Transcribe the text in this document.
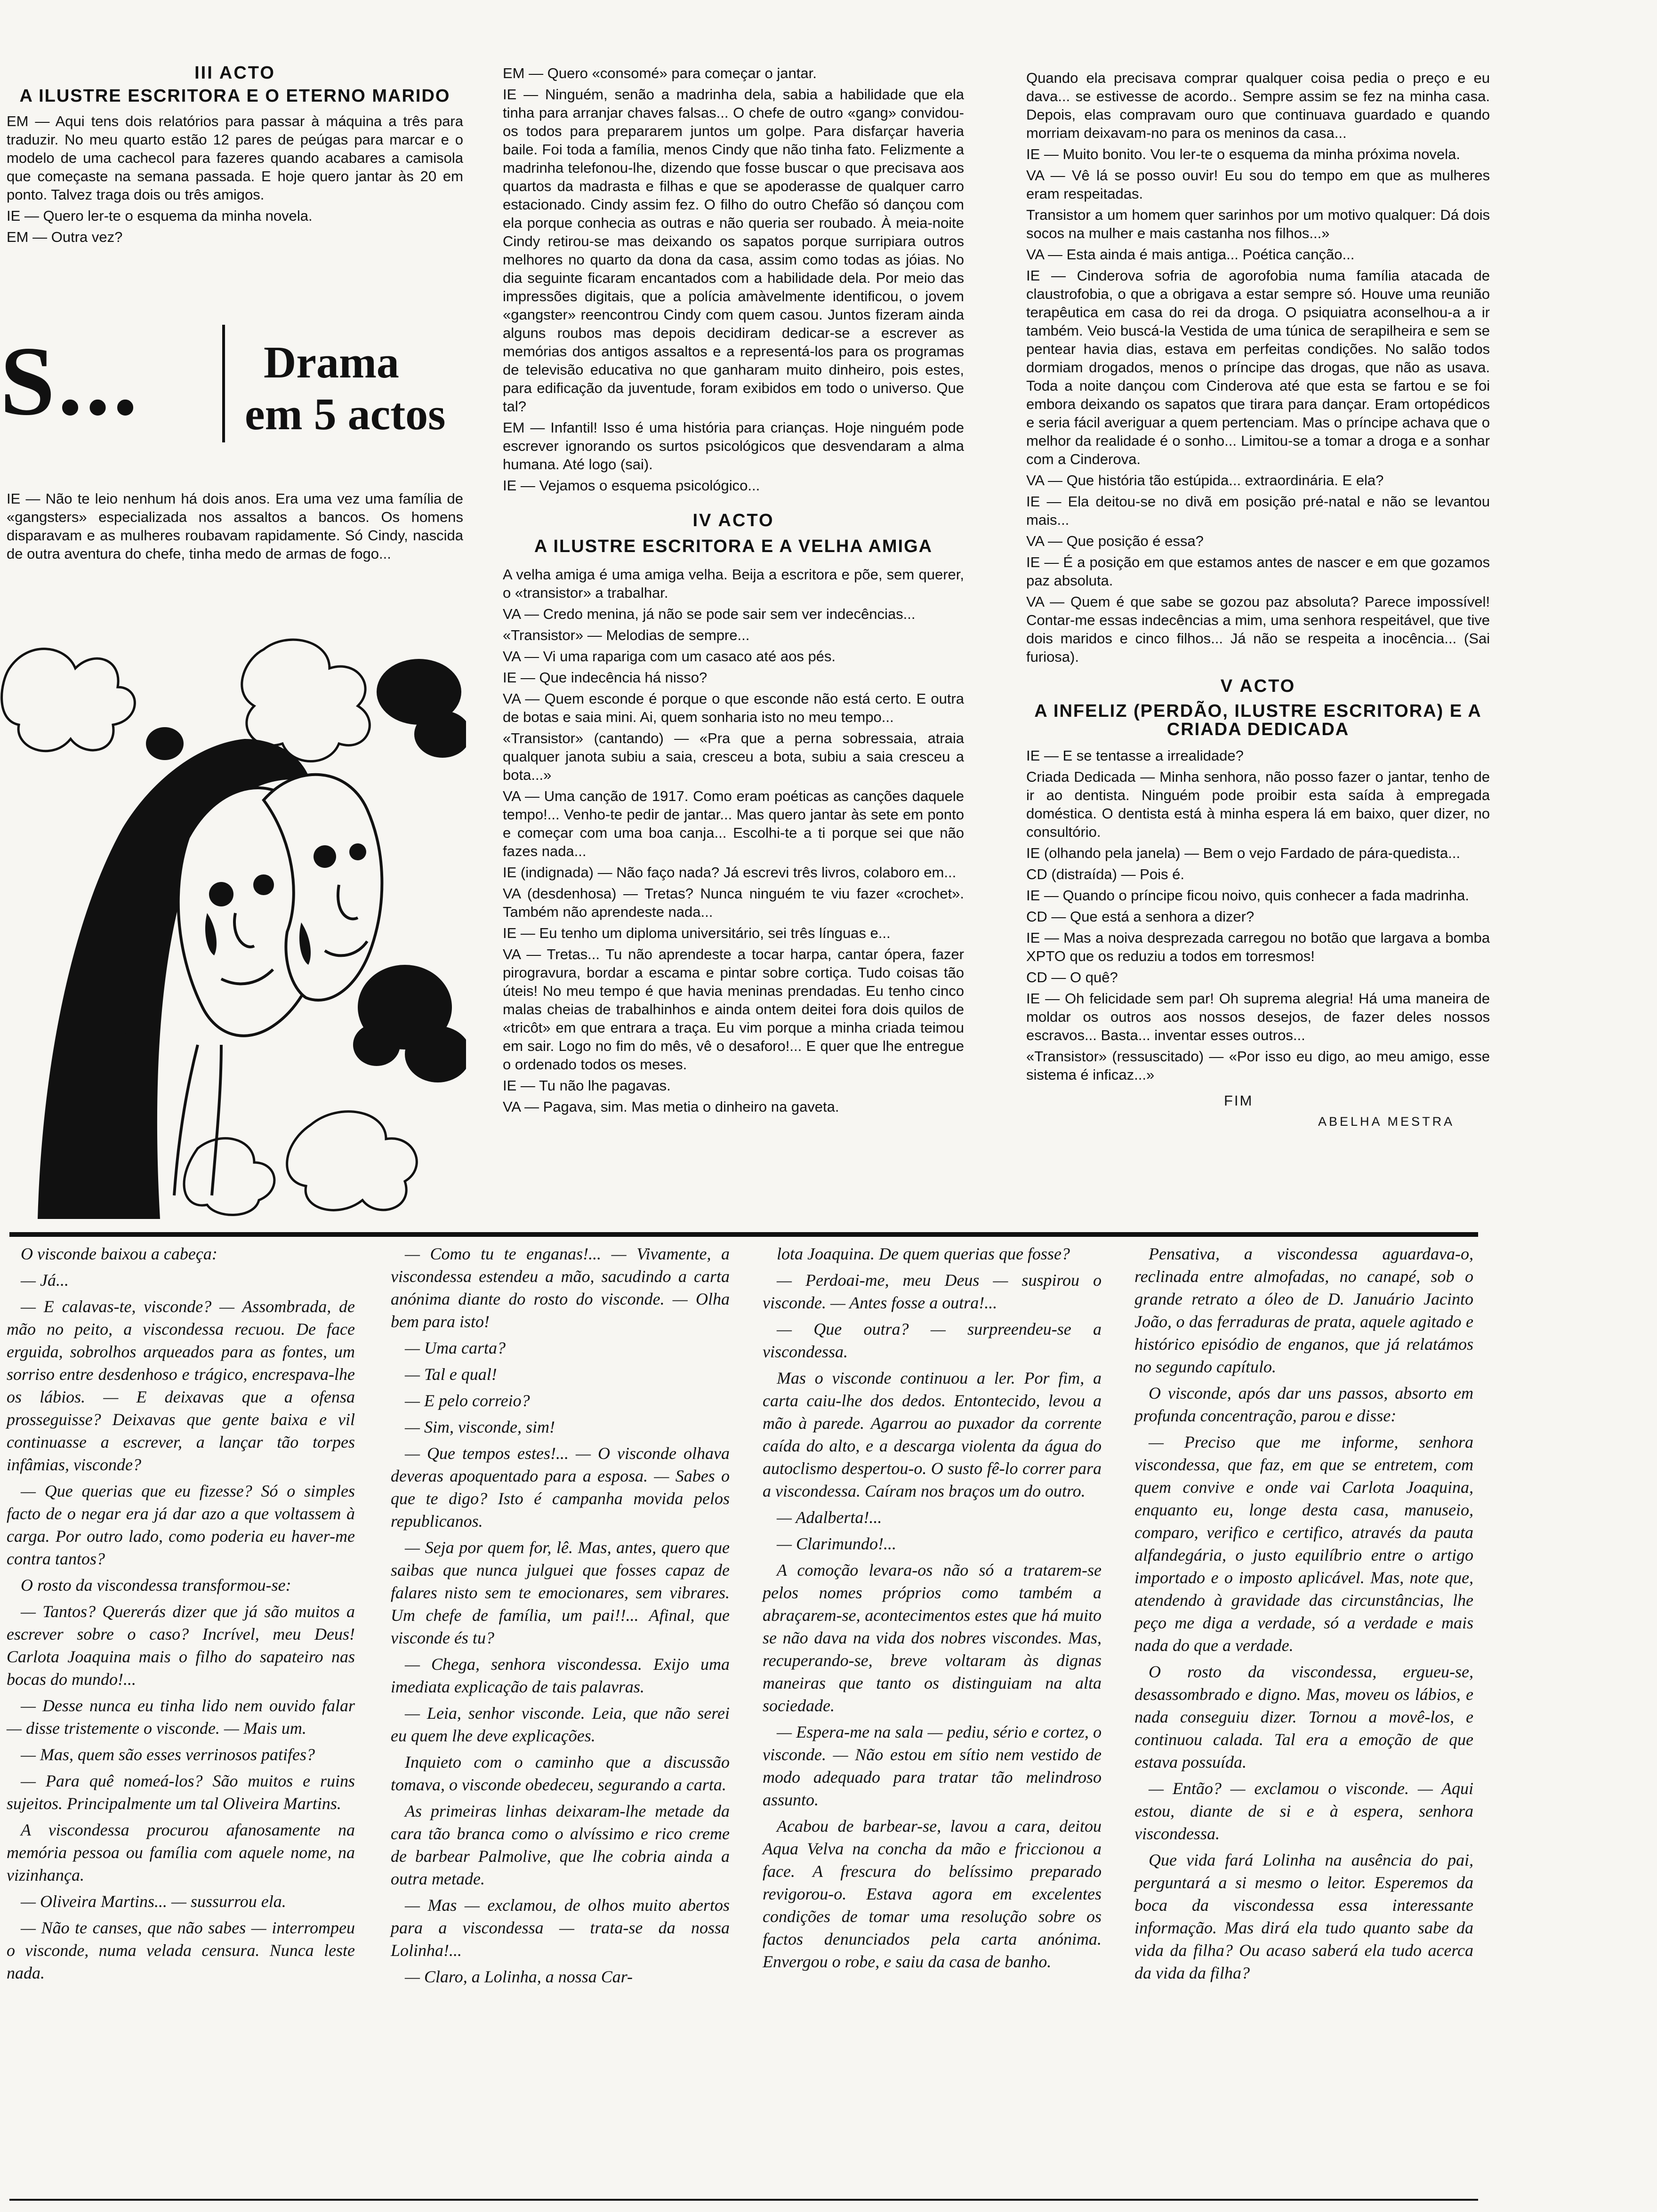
III ACTO
A ILUSTRE ESCRITORA E O ETERNO MARIDO

EM — Aqui tens dois relatórios para passar à máquina a três para traduzir. No meu quarto estão 12 pares de peúgas para marcar e o modelo de uma cachecol para fazeres quando acabares a camisola que começaste na semana passada. E hoje quero jantar às 20 em ponto. Talvez traga dois ou três amigos.

IE — Quero ler-te o esquema da minha novela.

EM — Outra vez?

S...	Drama
em 5 actos

IE — Não te leio nenhum há dois anos. Era uma vez uma família de «gangsters» especializada nos assaltos a bancos. Os homens disparavam e as mulheres roubavam rapidamente. Só Cindy, nascida de outra aventura do chefe, tinha medo de armas de fogo...

EM — Quero «consomé» para começar o jantar.

IE — Ninguém, senão a madrinha dela, sabia a habilidade que ela tinha para arranjar chaves falsas... O chefe de outro «gang» convidou-os todos para prepararem juntos um golpe. Para disfarçar haveria baile. Foi toda a família, menos Cindy que não tinha fato. Felizmente a madrinha telefonou-lhe, dizendo que fosse buscar o que precisava aos quartos da madrasta e filhas e que se apoderasse de qualquer carro estacionado. Cindy assim fez. O filho do outro Chefão só dançou com ela porque conhecia as outras e não queria ser roubado. À meia-noite Cindy retirou-se mas deixando os sapatos porque surripiara outros melhores no quarto da dona da casa, assim como todas as jóias. No dia seguinte ficaram encantados com a habilidade dela. Por meio das impressões digitais, que a polícia amàvelmente identificou, o jovem «gangster» reencontrou Cindy com quem casou. Juntos fizeram ainda alguns roubos mas depois decidiram dedicar-se a escrever as memórias dos antigos assaltos e a representá-los para os programas de televisão educativa no que ganharam muito dinheiro, pois estes, para edificação da juventude, foram exibidos em todo o universo. Que tal?

EM — Infantil! Isso é uma história para crianças. Hoje ninguém pode escrever ignorando os surtos psicológicos que desvendaram a alma humana. Até logo (sai).

IE — Vejamos o esquema psicológico...

IV ACTO
A ILUSTRE ESCRITORA E A VELHA AMIGA

A velha amiga é uma amiga velha. Beija a escritora e põe, sem querer, o «transistor» a trabalhar.

VA — Credo menina, já não se pode sair sem ver indecências...

«Transistor» — Melodias de sempre...

VA — Vi uma rapariga com um casaco até aos pés.

IE — Que indecência há nisso?

VA — Quem esconde é porque o que esconde não está certo. E outra de botas e saia mini. Ai, quem sonharia isto no meu tempo...

«Transistor» (cantando) — «Pra que a perna sobressaia, atraia qualquer janota subiu a saia, cresceu a bota, subiu a saia cresceu a bota...»

VA — Uma canção de 1917. Como eram poéticas as canções daquele tempo!... Venho-te pedir de jantar... Mas quero jantar às sete em ponto e começar com uma boa canja... Escolhi-te a ti porque sei que não fazes nada...

IE (indignada) — Não faço nada? Já escrevi três livros, colaboro em...

VA (desdenhosa) — Tretas? Nunca ninguém te viu fazer «crochet». Também não aprendeste nada...

IE — Eu tenho um diploma universitário, sei três línguas e...

VA — Tretas... Tu não aprendeste a tocar harpa, cantar ópera, fazer pirogravura, bordar a escama e pintar sobre cortiça. Tudo coisas tão úteis! No meu tempo é que havia meninas prendadas. Eu tenho cinco malas cheias de trabalhinhos e ainda ontem deitei fora dois quilos de «tricôt» em que entrara a traça. Eu vim porque a minha criada teimou em sair. Logo no fim do mês, vê o desaforo!... E quer que lhe entregue o ordenado todos os meses.

IE — Tu não lhe pagavas.

VA — Pagava, sim. Mas metia o dinheiro na gaveta.

Quando ela precisava comprar qualquer coisa pedia o preço e eu dava... se estivesse de acordo.. Sempre assim se fez na minha casa. Depois, elas compravam ouro que continuava guardado e quando morriam deixavam-no para os meninos da casa...

IE — Muito bonito. Vou ler-te o esquema da minha próxima novela.

VA — Vê lá se posso ouvir! Eu sou do tempo em que as mulheres eram respeitadas.

Transistor a um homem quer sarinhos por um motivo qualquer: Dá dois socos na mulher e mais castanha nos filhos...»

VA — Esta ainda é mais antiga... Poética canção...

IE — Cinderova sofria de agorofobia numa família atacada de claustrofobia, o que a obrigava a estar sempre só. Houve uma reunião terapêutica em casa do rei da droga. O psiquiatra aconselhou-a a ir também. Veio buscá-la Vestida de uma túnica de serapilheira e sem se pentear havia dias, estava em perfeitas condições. No salão todos dormiam drogados, menos o príncipe das drogas, que não as usava. Toda a noite dançou com Cinderova até que esta se fartou e se foi embora deixando os sapatos que tirara para dançar. Eram ortopédicos e seria fácil averiguar a quem pertenciam. Mas o príncipe achava que o melhor da realidade é o sonho... Limitou-se a tomar a droga e a sonhar com a Cinderova.

VA — Que história tão estúpida... extraordinária. E ela?

IE — Ela deitou-se no divã em posição pré-natal e não se levantou mais...

VA — Que posição é essa?

IE — É a posição em que estamos antes de nascer e em que gozamos paz absoluta.

VA — Quem é que sabe se gozou paz absoluta? Parece impossível! Contar-me essas indecências a mim, uma senhora respeitável, que tive dois maridos e cinco filhos... Já não se respeita a inocência... (Sai furiosa).

V ACTO
A INFELIZ (PERDÃO, ILUSTRE ESCRITORA) E A CRIADA DEDICADA

IE — E se tentasse a irrealidade?

Criada Dedicada — Minha senhora, não posso fazer o jantar, tenho de ir ao dentista. Ninguém pode proibir esta saída à empregada doméstica. O dentista está à minha espera lá em baixo, quer dizer, no consultório.

IE (olhando pela janela) — Bem o vejo Fardado de pára-quedista...

CD (distraída) — Pois é.

IE — Quando o príncipe ficou noivo, quis conhecer a fada madrinha.

CD — Que está a senhora a dizer?

IE — Mas a noiva desprezada carregou no botão que largava a bomba XPTO que os reduziu a todos em torresmos!

CD — O quê?

IE — Oh felicidade sem par! Oh suprema alegria! Há uma maneira de moldar os outros aos nossos desejos, de fazer deles nossos escravos... Basta... inventar esses outros...

«Transistor» (ressuscitado) — «Por isso eu digo, ao meu amigo, esse sistema é inficaz...»

FIM
ABELHA MESTRA

O visconde baixou a cabeça:

— Já...

— E calavas-te, visconde? — Assombrada, de mão no peito, a viscondessa recuou. De face erguida, sobrolhos arqueados para as fontes, um sorriso entre desdenhoso e trágico, encrespava-lhe os lábios. — E deixavas que a ofensa prosseguisse? Deixavas que gente baixa e vil continuasse a escrever, a lançar tão torpes infâmias, visconde?

— Que querias que eu fizesse? Só o simples facto de o negar era já dar azo a que voltassem à carga. Por outro lado, como poderia eu haver-me contra tantos?

O rosto da viscondessa transformou-se:

— Tantos? Quererás dizer que já são muitos a escrever sobre o caso? Incrível, meu Deus! Carlota Joaquina mais o filho do sapateiro nas bocas do mundo!...

— Desse nunca eu tinha lido nem ouvido falar — disse tristemente o visconde. — Mais um.

— Mas, quem são esses verrinosos patifes?

— Para quê nomeá-los? São muitos e ruins sujeitos. Principalmente um tal Oliveira Martins.

A viscondessa procurou afanosamente na memória pessoa ou família com aquele nome, na vizinhança.

— Oliveira Martins... — sussurrou ela.

— Não te canses, que não sabes — interrompeu o visconde, numa velada censura. Nunca leste nada.

— Como tu te enganas!... — Vivamente, a viscondessa estendeu a mão, sacudindo a carta anónima diante do rosto do visconde. — Olha bem para isto!

— Uma carta?

— Tal e qual!

— E pelo correio?

— Sim, visconde, sim!

— Que tempos estes!... — O visconde olhava deveras apoquentado para a esposa. — Sabes o que te digo? Isto é campanha movida pelos republicanos.

— Seja por quem for, lê. Mas, antes, quero que saibas que nunca julguei que fosses capaz de falares nisto sem te emocionares, sem vibrares. Um chefe de família, um pai!!... Afinal, que visconde és tu?

— Chega, senhora viscondessa. Exijo uma imediata explicação de tais palavras.

— Leia, senhor visconde. Leia, que não serei eu quem lhe deve explicações.

Inquieto com o caminho que a discussão tomava, o visconde obedeceu, segurando a carta.

As primeiras linhas deixaram-lhe metade da cara tão branca como o alvíssimo e rico creme de barbear Palmolive, que lhe cobria ainda a outra metade.

— Mas — exclamou, de olhos muito abertos para a viscondessa — trata-se da nossa Lolinha!...

— Claro, a Lolinha, a nossa Car-

lota Joaquina. De quem querias que fosse?

— Perdoai-me, meu Deus — suspirou o visconde. — Antes fosse a outra!...

— Que outra? — surpreendeu-se a viscondessa.

Mas o visconde continuou a ler. Por fim, a carta caiu-lhe dos dedos. Entontecido, levou a mão à parede. Agarrou ao puxador da corrente caída do alto, e a descarga violenta da água do autoclismo despertou-o. O susto fê-lo correr para a viscondessa. Caíram nos braços um do outro.

— Adalberta!...

— Clarimundo!...

A comoção levara-os não só a tratarem-se pelos nomes próprios como também a abraçarem-se, acontecimentos estes que há muito se não dava na vida dos nobres viscondes. Mas, recuperando-se, breve voltaram às dignas maneiras que tanto os distinguiam na alta sociedade.

— Espera-me na sala — pediu, sério e cortez, o visconde. — Não estou em sítio nem vestido de modo adequado para tratar tão melindroso assunto.

Acabou de barbear-se, lavou a cara, deitou Aqua Velva na concha da mão e friccionou a face. A frescura do belíssimo preparado revigorou-o. Estava agora em excelentes condições de tomar uma resolução sobre os factos denunciados pela carta anónima. Envergou o robe, e saiu da casa de banho.

Pensativa, a viscondessa aguardava-o, reclinada entre almofadas, no canapé, sob o grande retrato a óleo de D. Januário Jacinto João, o das ferraduras de prata, aquele agitado e histórico episódio de enganos, que já relatámos no segundo capítulo.

O visconde, após dar uns passos, absorto em profunda concentração, parou e disse:

— Preciso que me informe, senhora viscondessa, que faz, em que se entretem, com quem convive e onde vai Carlota Joaquina, enquanto eu, longe desta casa, manuseio, comparo, verifico e certifico, através da pauta alfandegária, o justo equilíbrio entre o artigo importado e o imposto aplicável. Mas, note que, atendendo à gravidade das circunstâncias, lhe peço me diga a verdade, só a verdade e mais nada do que a verdade.

O rosto da viscondessa, ergueu-se, desassombrado e digno. Mas, moveu os lábios, e nada conseguiu dizer. Tornou a movê-los, e continuou calada. Tal era a emoção de que estava possuída.

— Então? — exclamou o visconde. — Aqui estou, diante de si e à espera, senhora viscondessa.

Que vida fará Lolinha na ausência do pai, perguntará a si mesmo o leitor. Esperemos da boca da viscondessa essa interessante informação. Mas dirá ela tudo quanto sabe da vida da filha? Ou acaso saberá ela tudo acerca da vida da filha?
